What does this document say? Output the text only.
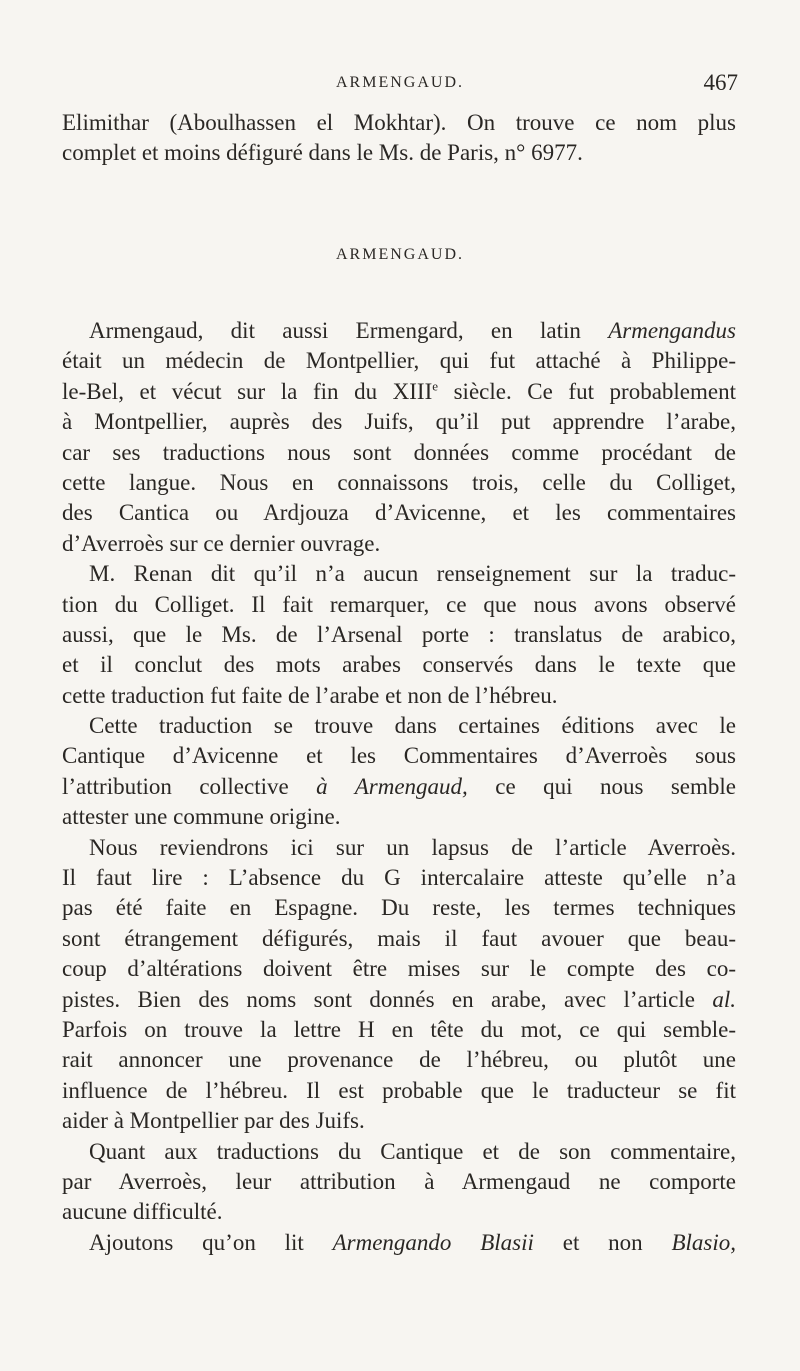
ARMENGAUD.	467
Elimithar (Aboulhassen el Mokhtar). On trouve ce nom plus
complet et moins défiguré dans le Ms. de Paris, n° 6977.
ARMENGAUD.
Armengaud, dit aussi Ermengard, en latin Armengandus
était un médecin de Montpellier, qui fut attaché à Philippe-
le-Bel, et vécut sur la fin du XIIIe siècle. Ce fut probablement
à Montpellier, auprès des Juifs, qu’il put apprendre l’arabe,
car ses traductions nous sont données comme procédant de
cette langue. Nous en connaissons trois, celle du Colliget,
des Cantica ou Ardjouza d’Avicenne, et les commentaires
d’Averroès sur ce dernier ouvrage.
M. Renan dit qu’il n’a aucun renseignement sur la traduc-
tion du Colliget. Il fait remarquer, ce que nous avons observé
aussi, que le Ms. de l’Arsenal porte : translatus de arabico,
et il conclut des mots arabes conservés dans le texte que
cette traduction fut faite de l’arabe et non de l’hébreu.
Cette traduction se trouve dans certaines éditions avec le
Cantique d’Avicenne et les Commentaires d’Averroès sous
l’attribution collective à Armengaud, ce qui nous semble
attester une commune origine.
Nous reviendrons ici sur un lapsus de l’article Averroès.
Il faut lire : L’absence du G intercalaire atteste qu’elle n’a
pas été faite en Espagne. Du reste, les termes techniques
sont étrangement défigurés, mais il faut avouer que beau-
coup d’altérations doivent être mises sur le compte des co-
pistes. Bien des noms sont donnés en arabe, avec l’article al.
Parfois on trouve la lettre H en tête du mot, ce qui semble-
rait annoncer une provenance de l’hébreu, ou plutôt une
influence de l’hébreu. Il est probable que le traducteur se fit
aider à Montpellier par des Juifs.
Quant aux traductions du Cantique et de son commentaire,
par Averroès, leur attribution à Armengaud ne comporte
aucune difficulté.
Ajoutons qu’on lit Armengando Blasii et non Blasio,
